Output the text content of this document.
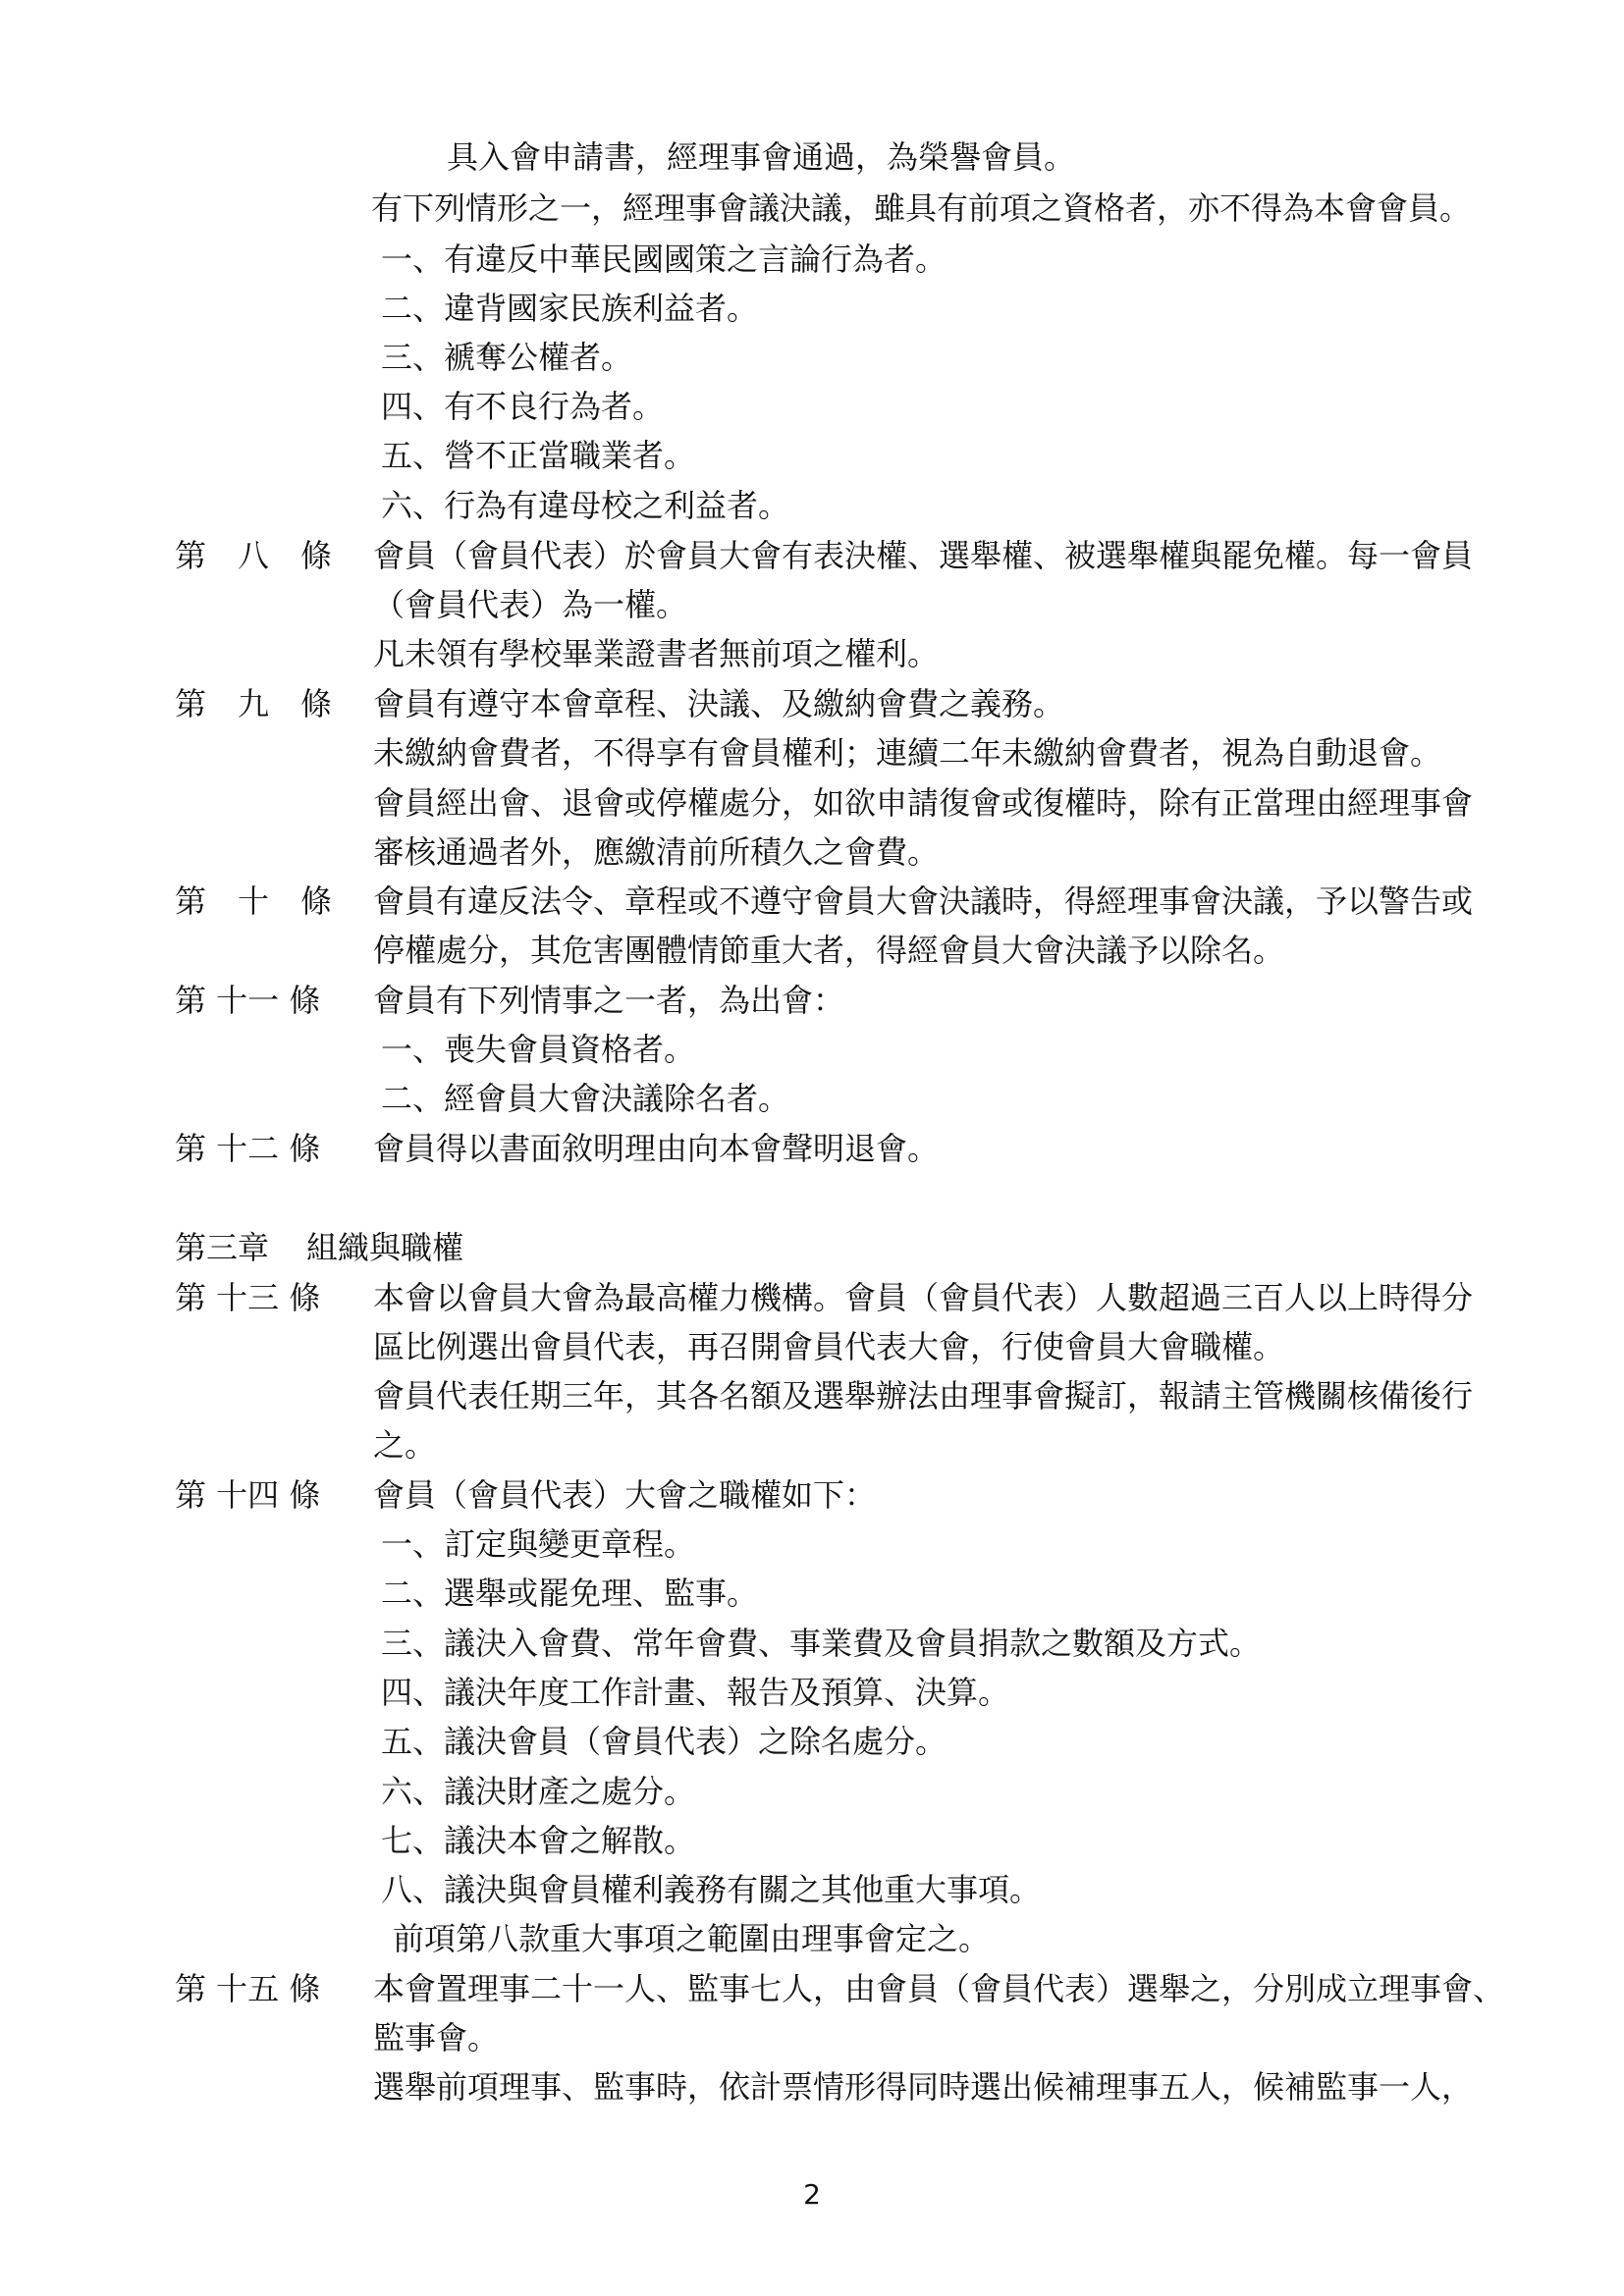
具入會申請書，經理事會通過，為榮譽會員。
有下列情形之一，經理事會議決議，雖具有前項之資格者，亦不得為本會會員。
一、有違反中華民國國策之言論行為者。
二、違背國家民族利益者。
三、褫奪公權者。
四、有不良行為者。
五、營不正當職業者。
六、行為有違母校之利益者。
第　八　條 會員（會員代表）於會員大會有表決權、選舉權、被選舉權與罷免權。每一會員
（會員代表）為一權。
凡未領有學校畢業證書者無前項之權利。
第　九　條 會員有遵守本會章程、決議、及繳納會費之義務。
未繳納會費者，不得享有會員權利；連續二年未繳納會費者，視為自動退會。
會員經出會、退會或停權處分，如欲申請復會或復權時，除有正當理由經理事會
審核通過者外，應繳清前所積久之會費。
第　十　條 會員有違反法令、章程或不遵守會員大會決議時，得經理事會決議，予以警告或
停權處分，其危害團體情節重大者，得經會員大會決議予以除名。
第 十一 條 會員有下列情事之一者，為出會：
一、喪失會員資格者。
二、經會員大會決議除名者。
第 十二 條 會員得以書面敘明理由向本會聲明退會。
第三章 組織與職權
第 十三 條 本會以會員大會為最高權力機構。會員（會員代表）人數超過三百人以上時得分
區比例選出會員代表，再召開會員代表大會，行使會員大會職權。
會員代表任期三年，其各名額及選舉辦法由理事會擬訂，報請主管機關核備後行
之。
第 十四 條 會員（會員代表）大會之職權如下：
一、訂定與變更章程。
二、選舉或罷免理、監事。
三、議決入會費、常年會費、事業費及會員捐款之數額及方式。
四、議決年度工作計畫、報告及預算、決算。
五、議決會員（會員代表）之除名處分。
六、議決財產之處分。
七、議決本會之解散。
八、議決與會員權利義務有關之其他重大事項。
前項第八款重大事項之範圍由理事會定之。
第 十五 條 本會置理事二十一人、監事七人，由會員（會員代表）選舉之，分別成立理事會、
監事會。
選舉前項理事、監事時，依計票情形得同時選出候補理事五人，候補監事一人，
2
